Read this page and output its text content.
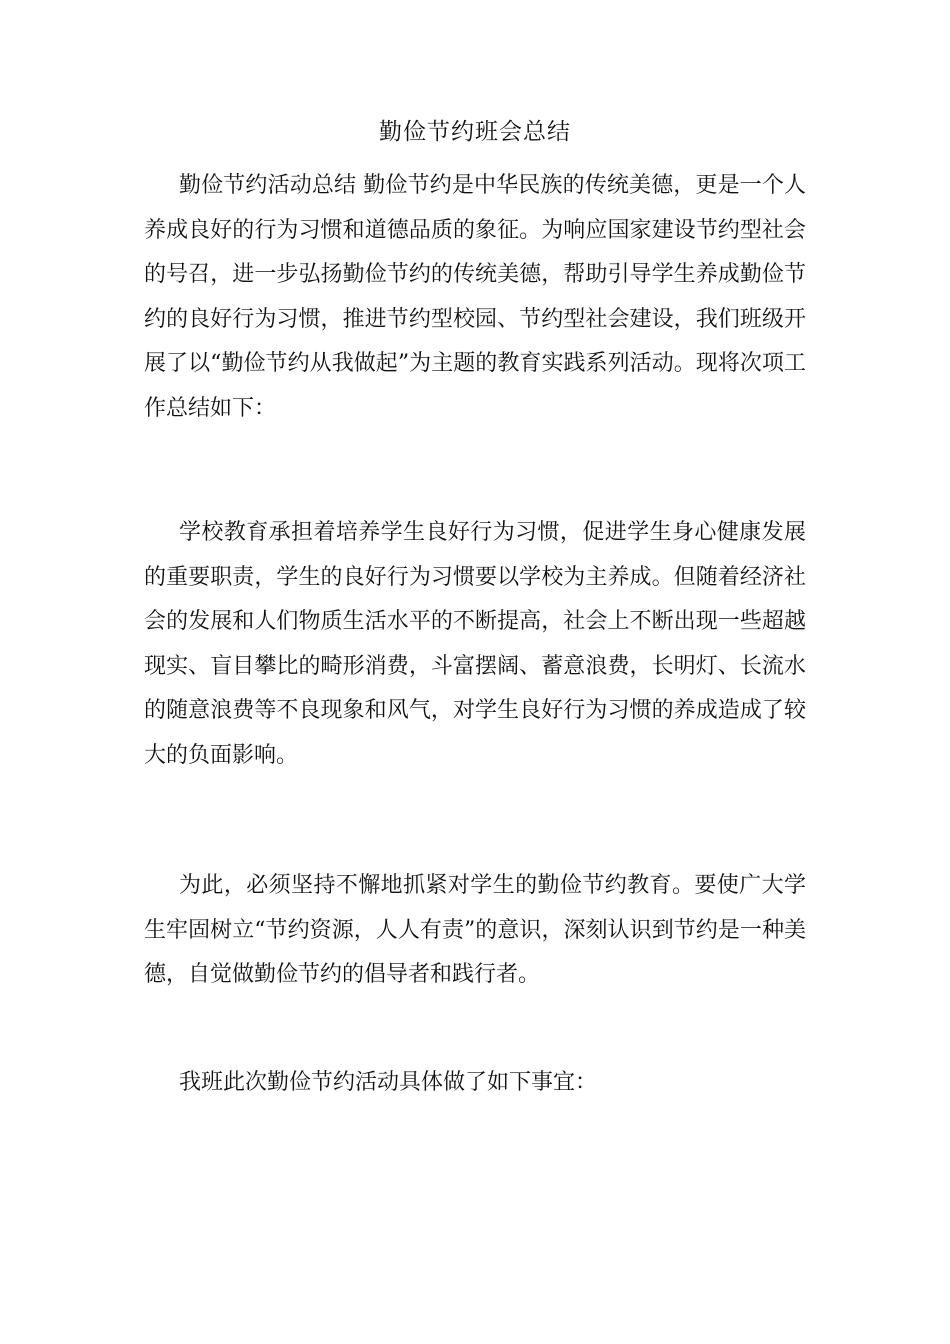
勤俭节约班会总结

勤俭节约活动总结 勤俭节约是中华民族的传统美德，更是一个人养成良好的行为习惯和道德品质的象征。为响应国家建设节约型社会的号召，进一步弘扬勤俭节约的传统美德，帮助引导学生养成勤俭节约的良好行为习惯，推进节约型校园、节约型社会建设，我们班级开展了以“勤俭节约从我做起”为主题的教育实践系列活动。现将次项工作总结如下：

学校教育承担着培养学生良好行为习惯，促进学生身心健康发展的重要职责，学生的良好行为习惯要以学校为主养成。但随着经济社会的发展和人们物质生活水平的不断提高，社会上不断出现一些超越现实、盲目攀比的畸形消费，斗富摆阔、蓄意浪费，长明灯、长流水的随意浪费等不良现象和风气，对学生良好行为习惯的养成造成了较大的负面影响。

为此，必须坚持不懈地抓紧对学生的勤俭节约教育。要使广大学生牢固树立“节约资源，人人有责”的意识，深刻认识到节约是一种美德，自觉做勤俭节约的倡导者和践行者。

我班此次勤俭节约活动具体做了如下事宜：
